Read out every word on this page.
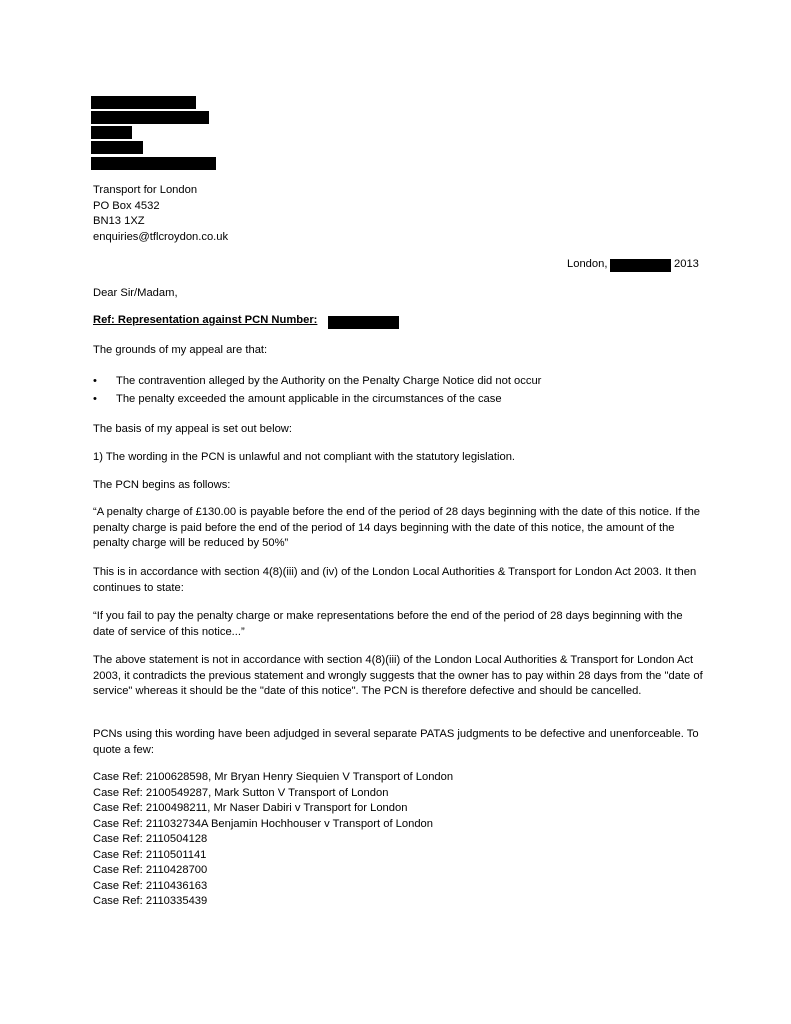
Transport for London
PO Box 4532
BN13 1XZ
enquiries@tflcroydon.co.uk
London,	2013
Dear Sir/Madam,
Ref: Representation against PCN Number:
The grounds of my appeal are that:
•	The contravention alleged by the Authority on the Penalty Charge Notice did not occur
•	The penalty exceeded the amount applicable in the circumstances of the case
The basis of my appeal is set out below:
1) The wording in the PCN is unlawful and not compliant with the statutory legislation.
The PCN begins as follows:

“A penalty charge of £130.00 is payable before the end of the period of 28 days beginning with the date of this notice. If the penalty charge is paid before the end of the period of 14 days beginning with the date of this notice, the amount of the penalty charge will be reduced by 50%”

This is in accordance with section 4(8)(iii) and (iv) of the London Local Authorities & Transport for London Act 2003. It then continues to state:

“If you fail to pay the penalty charge or make representations before the end of the period of 28 days beginning with the date of service of this notice...”

The above statement is not in accordance with section 4(8)(iii) of the London Local Authorities & Transport for London Act 2003, it contradicts the previous statement and wrongly suggests that the owner has to pay within 28 days from the "date of service" whereas it should be the "date of this notice". The PCN is therefore defective and should be cancelled.

PCNs using this wording have been adjudged in several separate PATAS judgments to be defective and unenforceable. To quote a few:

Case Ref: 2100628598, Mr Bryan Henry Siequien V Transport of London
Case Ref: 2100549287, Mark Sutton V Transport of London
Case Ref: 2100498211, Mr Naser Dabiri v Transport for London
Case Ref: 211032734A Benjamin Hochhouser v Transport of London
Case Ref: 2110504128
Case Ref: 2110501141
Case Ref: 2110428700
Case Ref: 2110436163
Case Ref: 2110335439
